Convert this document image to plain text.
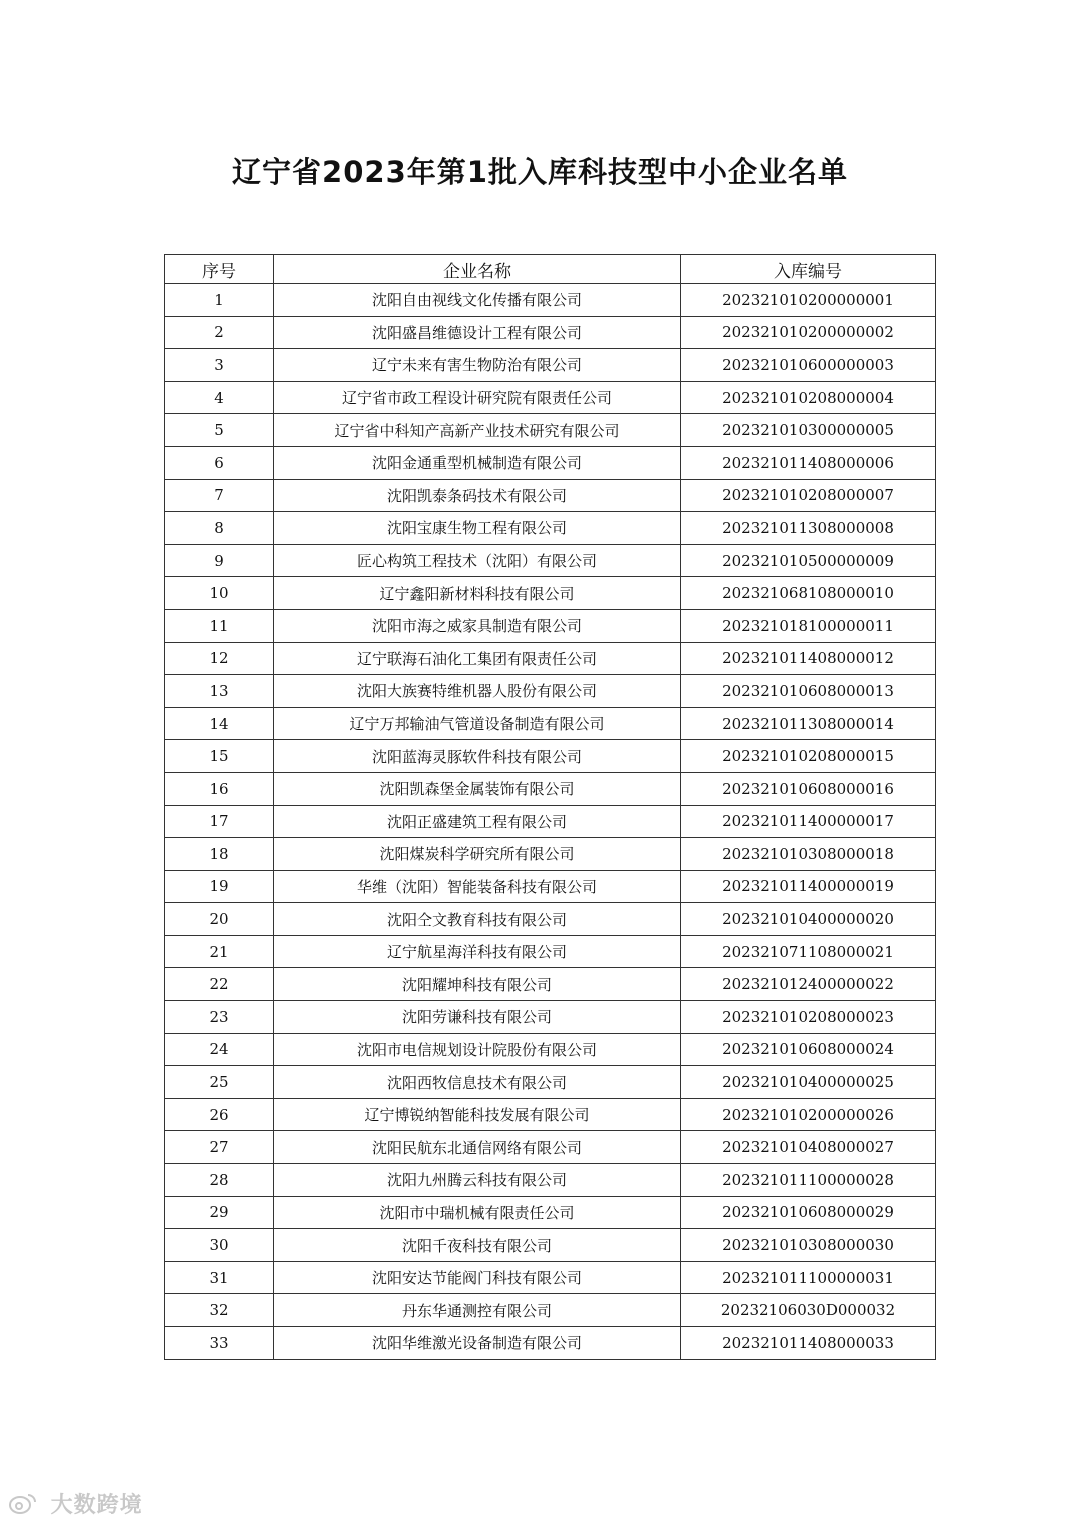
辽宁省2023年第1批入库科技型中小企业名单
序号	企业名称	入库编号
1	沈阳自由视线文化传播有限公司	202321010200000001
2	沈阳盛昌维德设计工程有限公司	202321010200000002
3	辽宁未来有害生物防治有限公司	202321010600000003
4	辽宁省市政工程设计研究院有限责任公司	202321010208000004
5	辽宁省中科知产高新产业技术研究有限公司	202321010300000005
6	沈阳金通重型机械制造有限公司	202321011408000006
7	沈阳凯泰条码技术有限公司	202321010208000007
8	沈阳宝康生物工程有限公司	202321011308000008
9	匠心构筑工程技术（沈阳）有限公司	202321010500000009
10	辽宁鑫阳新材料科技有限公司	202321068108000010
11	沈阳市海之威家具制造有限公司	202321018100000011
12	辽宁联海石油化工集团有限责任公司	202321011408000012
13	沈阳大族赛特维机器人股份有限公司	202321010608000013
14	辽宁万邦输油气管道设备制造有限公司	202321011308000014
15	沈阳蓝海灵豚软件科技有限公司	202321010208000015
16	沈阳凯森堡金属装饰有限公司	202321010608000016
17	沈阳正盛建筑工程有限公司	202321011400000017
18	沈阳煤炭科学研究所有限公司	202321010308000018
19	华维（沈阳）智能装备科技有限公司	202321011400000019
20	沈阳仝文教育科技有限公司	202321010400000020
21	辽宁航星海洋科技有限公司	202321071108000021
22	沈阳耀坤科技有限公司	202321012400000022
23	沈阳劳谦科技有限公司	202321010208000023
24	沈阳市电信规划设计院股份有限公司	202321010608000024
25	沈阳西牧信息技术有限公司	202321010400000025
26	辽宁博锐纳智能科技发展有限公司	202321010200000026
27	沈阳民航东北通信网络有限公司	202321010408000027
28	沈阳九州腾云科技有限公司	202321011100000028
29	沈阳市中瑞机械有限责任公司	202321010608000029
30	沈阳千夜科技有限公司	202321010308000030
31	沈阳安达节能阀门科技有限公司	202321011100000031
32	丹东华通测控有限公司	20232106030D000032
33	沈阳华维激光设备制造有限公司	202321011408000033
大数跨境
